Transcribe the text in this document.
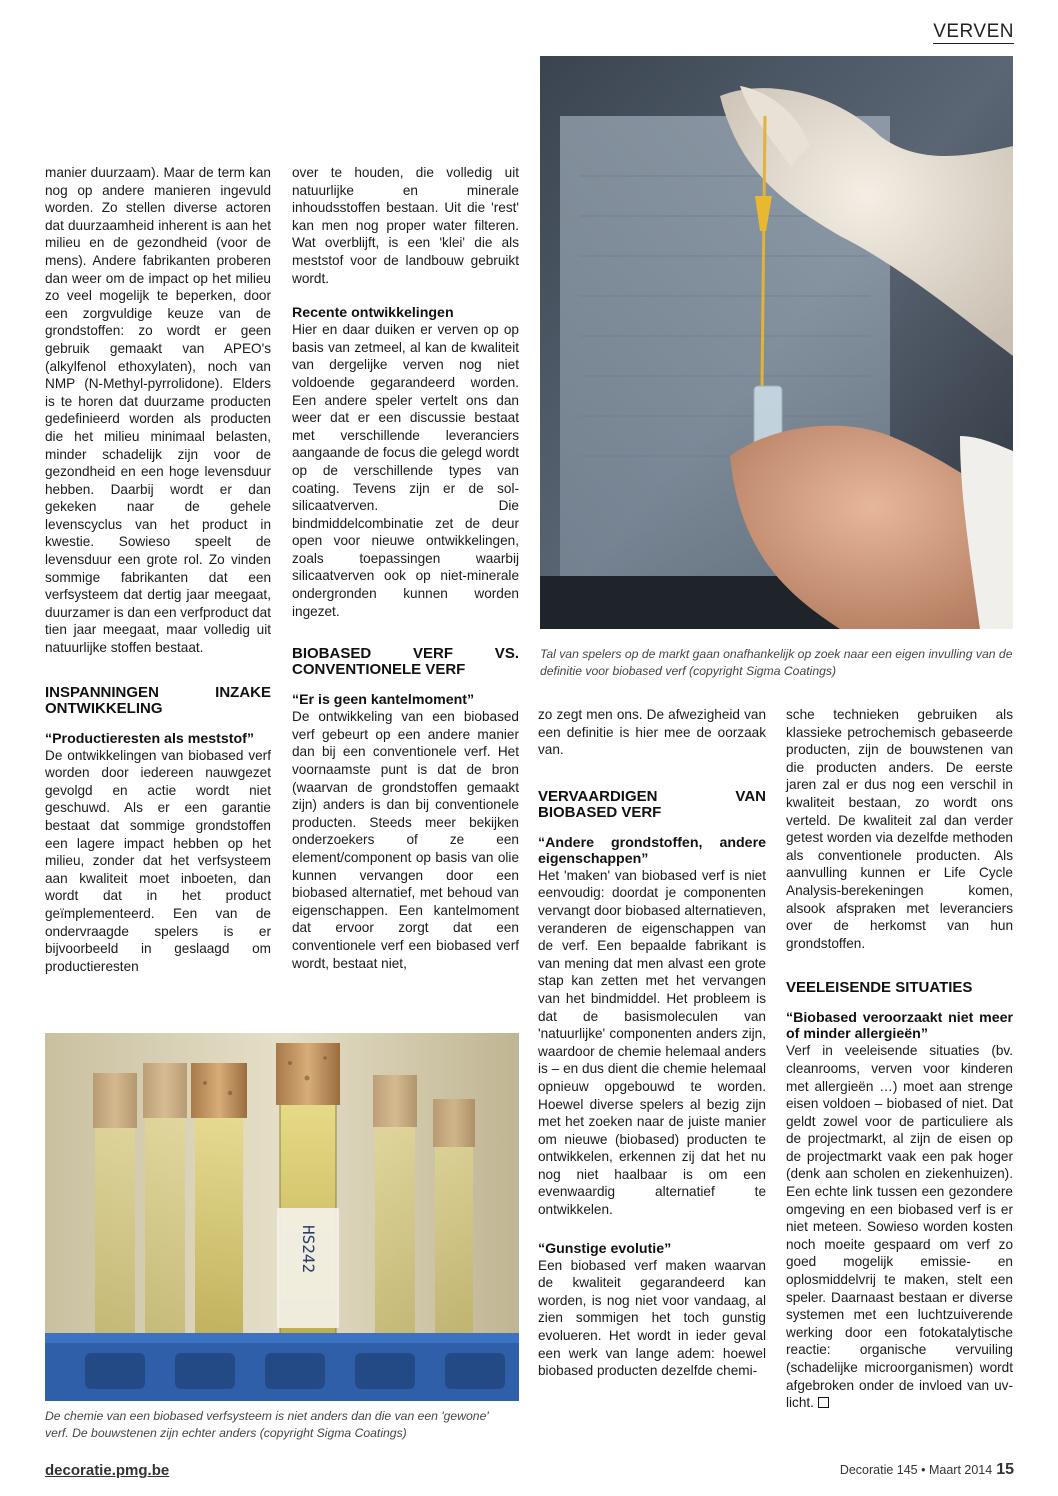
VERVEN
Tal van spelers op de markt gaan onafhankelijk op zoek naar een eigen invulling van de definitie voor biobased verf (copyright Sigma Coatings)

manier duurzaam). Maar de term kan nog op andere manieren ingevuld worden. Zo stellen diverse actoren dat duurzaamheid inherent is aan het milieu en de gezondheid (voor de mens). Andere fabrikanten proberen dan weer om de impact op het milieu zo veel mogelijk te beperken, door een zorgvuldige keuze van de grondstoffen: zo wordt er geen gebruik gemaakt van APEO's (alkylfenol ethoxylaten), noch van NMP (N-Methyl-pyrrolidone). Elders is te horen dat duurzame producten gedefinieerd worden als producten die het milieu minimaal belasten, minder schadelijk zijn voor de gezondheid en een hoge levensduur hebben. Daarbij wordt er dan gekeken naar de gehele levenscyclus van het product in kwestie. Sowieso speelt de levensduur een grote rol. Zo vinden sommige fabrikanten dat een verfsysteem dat dertig jaar meegaat, duurzamer is dan een verfproduct dat tien jaar meegaat, maar volledig uit natuurlijke stoffen bestaat.

INSPANNINGEN INZAKE ONTWIKKELING
“Productieresten als meststof”

De ontwikkelingen van biobased verf worden door iedereen nauwgezet gevolgd en actie wordt niet geschuwd. Als er een garantie bestaat dat sommige grondstoffen een lagere impact hebben op het milieu, zonder dat het verfsysteem aan kwaliteit moet inboeten, dan wordt dat in het product geïmplementeerd. Een van de ondervraagde spelers is er bijvoorbeeld in geslaagd om productieresten

over te houden, die volledig uit natuurlijke en minerale inhoudsstoffen bestaan. Uit die 'rest' kan men nog proper water filteren. Wat overblijft, is een 'klei' die als meststof voor de landbouw gebruikt wordt.

Recente ontwikkelingen

Hier en daar duiken er verven op op basis van zetmeel, al kan de kwaliteit van dergelijke verven nog niet voldoende gegarandeerd worden. Een andere speler vertelt ons dan weer dat er een discussie bestaat met verschillende leveranciers aangaande de focus die gelegd wordt op de verschillende types van coating. Tevens zijn er de sol-silicaatverven. Die bindmiddelcombinatie zet de deur open voor nieuwe ontwikkelingen, zoals toepassingen waarbij silicaatverven ook op niet-minerale ondergronden kunnen worden ingezet.

BIOBASED VERF VS. CONVENTIONELE VERF
“Er is geen kantelmoment”

De ontwikkeling van een biobased verf gebeurt op een andere manier dan bij een conventionele verf. Het voornaamste punt is dat de bron (waarvan de grondstoffen gemaakt zijn) anders is dan bij conventionele producten. Steeds meer bekijken onderzoekers of ze een element/component op basis van olie kunnen vervangen door een biobased alternatief, met behoud van eigenschappen. Een kantelmoment dat ervoor zorgt dat een conventionele verf een biobased verf wordt, bestaat niet,

zo zegt men ons. De afwezigheid van een definitie is hier mee de oorzaak van.

VERVAARDIGEN VAN BIOBASED VERF
“Andere grondstoffen, andere eigenschappen”

Het 'maken' van biobased verf is niet eenvoudig: doordat je componenten vervangt door biobased alternatieven, veranderen de eigenschappen van de verf. Een bepaalde fabrikant is van mening dat men alvast een grote stap kan zetten met het vervangen van het bindmiddel. Het probleem is dat de basismoleculen van 'natuurlijke' componenten anders zijn, waardoor de chemie helemaal anders is – en dus dient die chemie helemaal opnieuw opgebouwd te worden. Hoewel diverse spelers al bezig zijn met het zoeken naar de juiste manier om nieuwe (biobased) producten te ontwikkelen, erkennen zij dat het nu nog niet haalbaar is om een evenwaardig alternatief te ontwikkelen.

“Gunstige evolutie”

Een biobased verf maken waarvan de kwaliteit gegarandeerd kan worden, is nog niet voor vandaag, al zien sommigen het toch gunstig evolueren. Het wordt in ieder geval een werk van lange adem: hoewel biobased producten dezelfde chemi-

sche technieken gebruiken als klassieke petrochemisch gebaseerde producten, zijn de bouwstenen van die producten anders. De eerste jaren zal er dus nog een verschil in kwaliteit bestaan, zo wordt ons verteld. De kwaliteit zal dan verder getest worden via dezelfde methoden als conventionele producten. Als aanvulling kunnen er Life Cycle Analysis-berekeningen komen, alsook afspraken met leveranciers over de herkomst van hun grondstoffen.

VEELEISENDE SITUATIES
“Biobased veroorzaakt niet meer of minder allergieën”

Verf in veeleisende situaties (bv. cleanrooms, verven voor kinderen met allergieën …) moet aan strenge eisen voldoen – biobased of niet. Dat geldt zowel voor de particuliere als de projectmarkt, al zijn de eisen op de projectmarkt vaak een pak hoger (denk aan scholen en ziekenhuizen). Een echte link tussen een gezondere omgeving en een biobased verf is er niet meteen. Sowieso worden kosten noch moeite gespaard om verf zo goed mogelijk emissie- en oplosmiddelvrij te maken, stelt een speler. Daarnaast bestaan er diverse systemen met een luchtzuiverende werking door een fotokatalytische reactie: organische vervuiling (schadelijke microorganismen) wordt afgebroken onder de invloed van uv-licht.

HS242
De chemie van een biobased verfsysteem is niet anders dan die van een 'gewone' verf. De bouwstenen zijn echter anders (copyright Sigma Coatings)
decoratie.pmg.be	Decoratie 145 • Maart 2014 15
